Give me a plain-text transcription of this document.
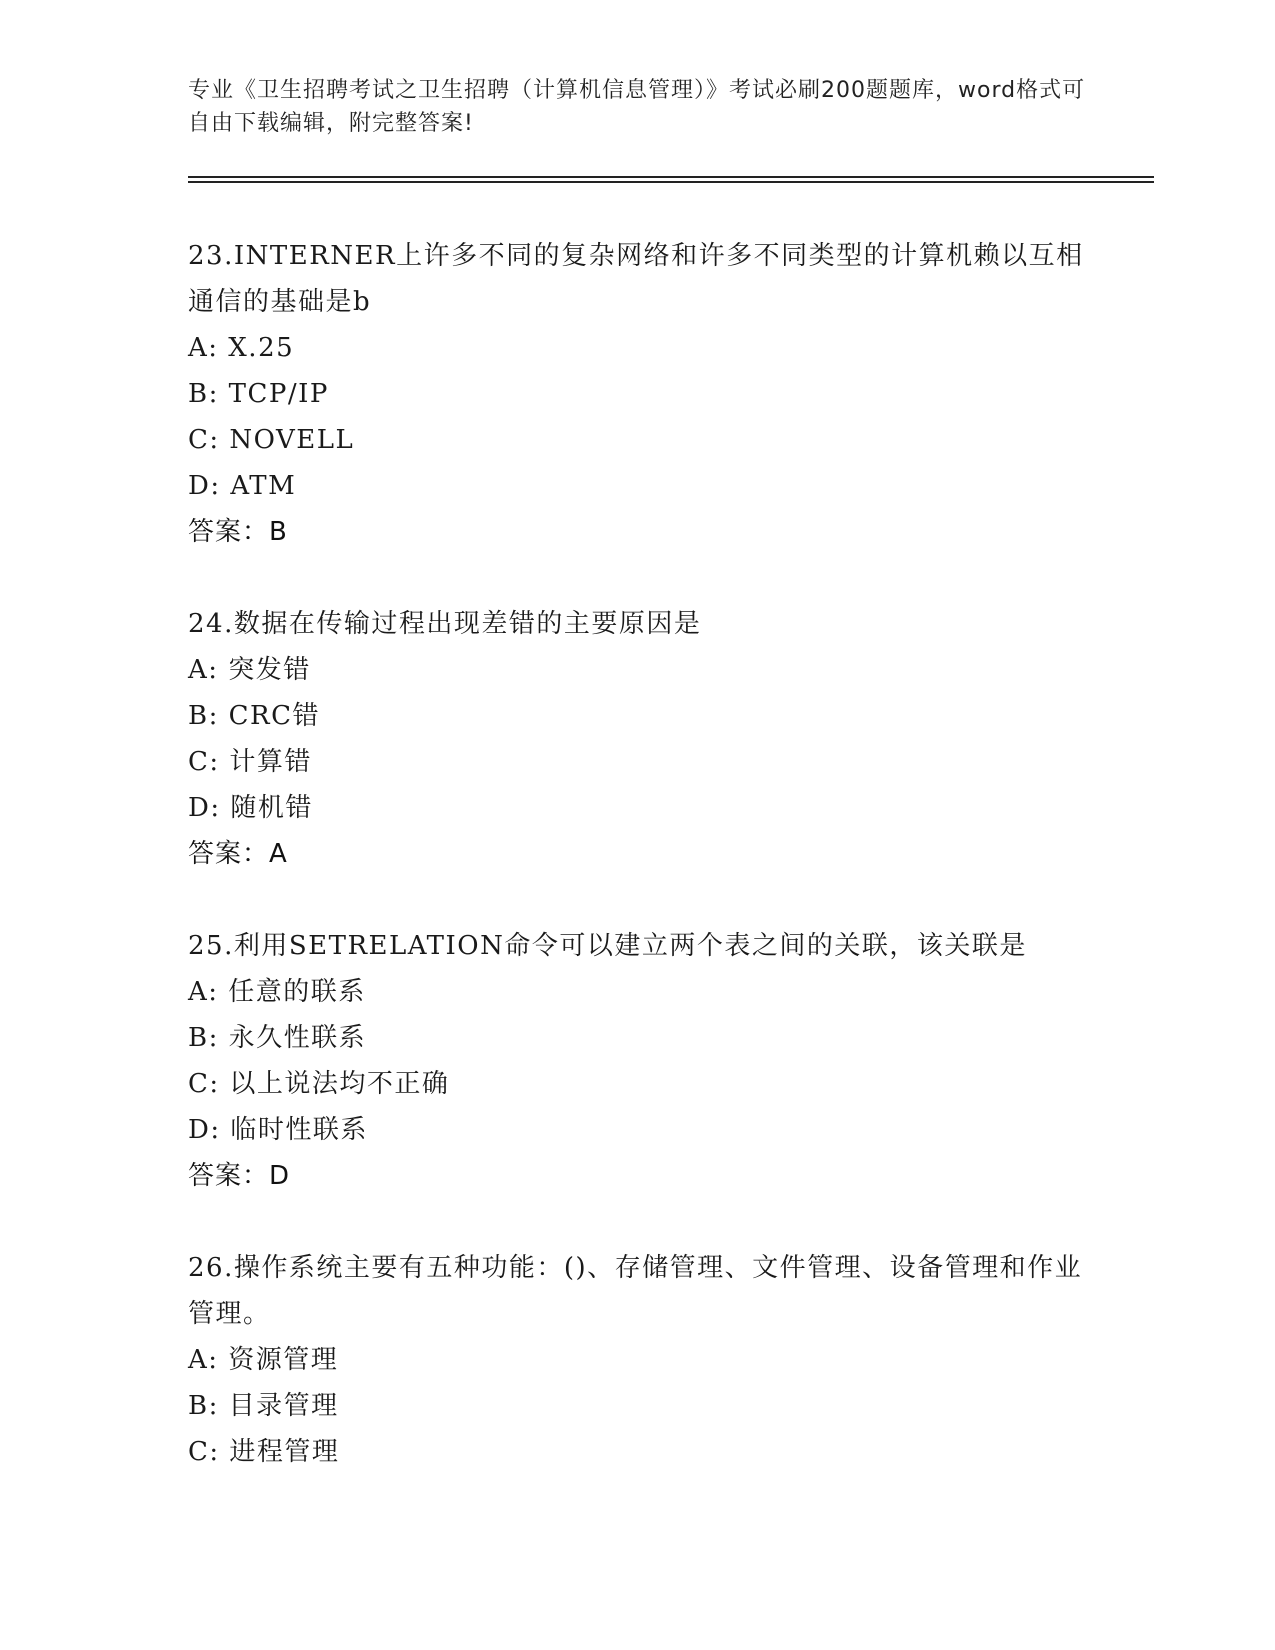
专业《卫生招聘考试之卫生招聘（计算机信息管理）》考试必刷200题题库，word格式可自由下载编辑，附完整答案!

23.INTERNER上许多不同的复杂网络和许多不同类型的计算机赖以互相通信的基础是b

A: X.25

B: TCP/IP

C: NOVELL

D: ATM

答案：B

24.数据在传输过程出现差错的主要原因是

A: 突发错

B: CRC错

C: 计算错

D: 随机错

答案：A

25.利用SETRELATION命令可以建立两个表之间的关联，该关联是

A: 任意的联系

B: 永久性联系

C: 以上说法均不正确

D: 临时性联系

答案：D

26.操作系统主要有五种功能：()、存储管理、文件管理、设备管理和作业管理。

A: 资源管理

B: 目录管理

C: 进程管理
